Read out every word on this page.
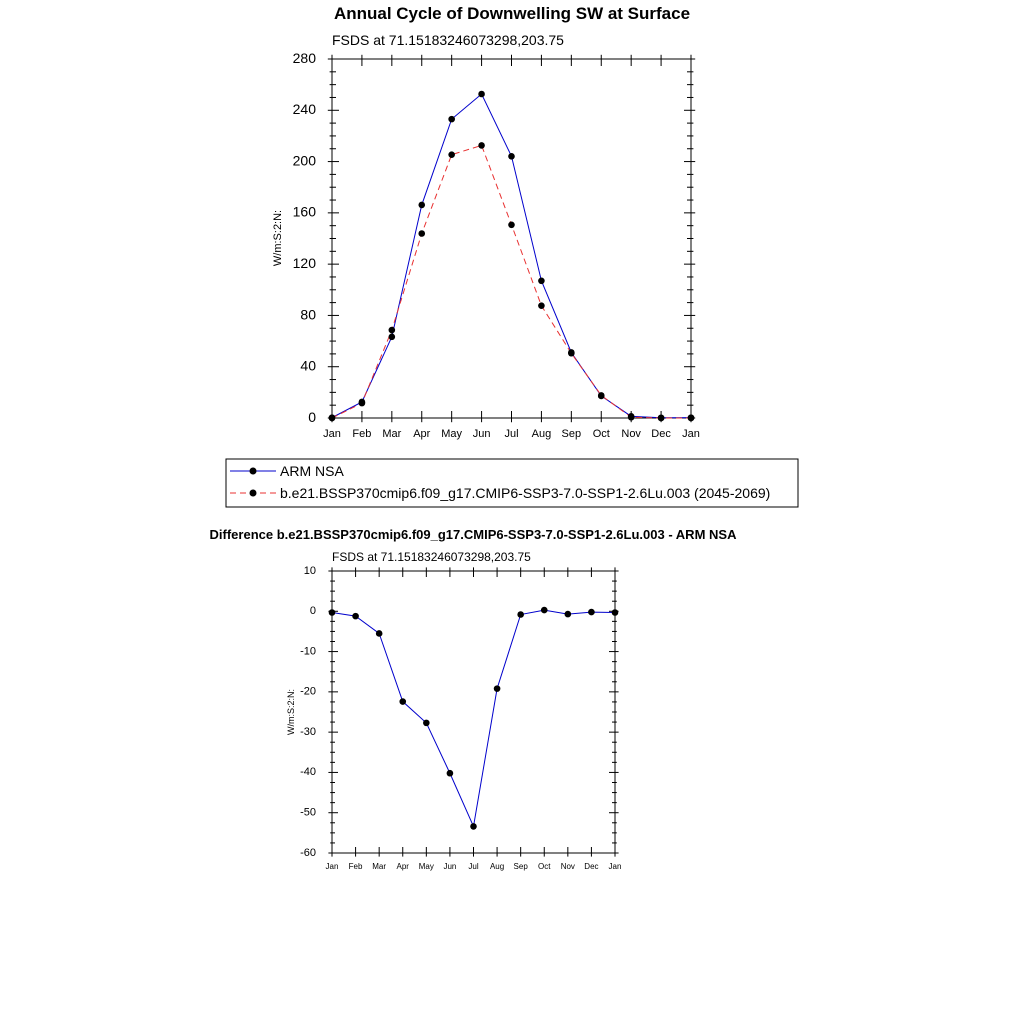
Annual Cycle of Downwelling SW at Surface
FSDS at 71.15183246073298,203.75
W/m:S:2:N:
Jan Feb Mar Apr May Jun Jul Aug Sep Oct Nov Dec Jan
0
40
80
120
160
200
240
280
ARM NSA
b.e21.BSSP370cmip6.f09_g17.CMIP6-SSP3-7.0-SSP1-2.6Lu.003 (2045-2069)
Difference b.e21.BSSP370cmip6.f09_g17.CMIP6-SSP3-7.0-SSP1-2.6Lu.003 - ARM NSA
FSDS at 71.15183246073298,203.75
W/m:S:2:N:
Jan Feb Mar Apr May Jun Jul Aug Sep Oct Nov Dec Jan
-60
-50
-40
-30
-20
-10
0
10
